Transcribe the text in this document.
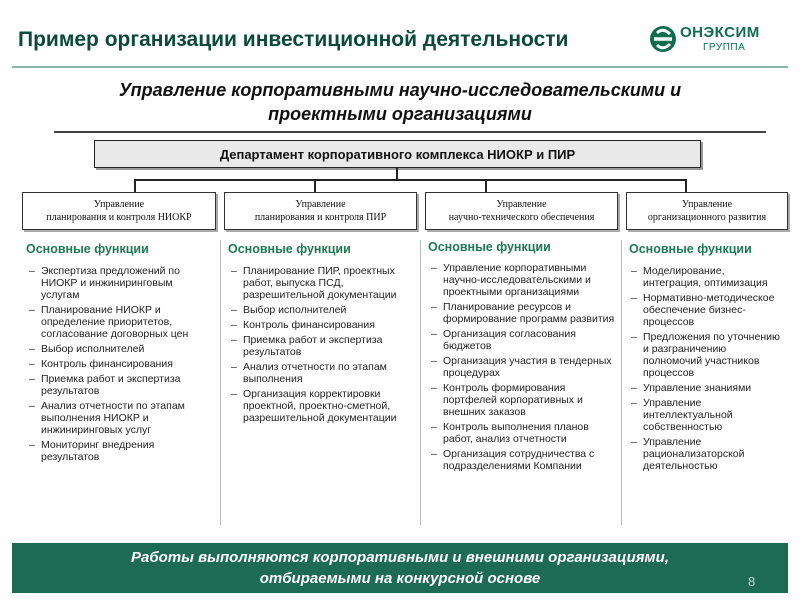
Пример организации инвестиционной деятельности	ОНЭКСИМ
ГРУППА
Управление корпоративными научно-исследовательскими и
проектными организациями
Департамент корпоративного комплекса НИОКР и ПИР
Управление
планирования и контроля НИОКР
Управление
планирования и контроля ПИР
Управление
научно-технического обеспечения
Управление
организационного развития
Основные функции	Основные функции	Основные функции	Основные функции
– Экспертиза предложений по НИОКР и инжиниринговым услугам
– Планирование НИОКР и определение приоритетов, согласование договорных цен
– Выбор исполнителей
– Контроль финансирования
– Приемка работ и экспертиза результатов
– Анализ отчетности по этапам выполнения НИОКР и инжиниринговых услуг
– Мониторинг внедрения результатов
– Планирование ПИР, проектных работ, выпуска ПСД, разрешительной документации
– Выбор исполнителей
– Контроль финансирования
– Приемка работ и экспертиза результатов
– Анализ отчетности по этапам выполнения
– Организация корректировки проектной, проектно-сметной, разрешительной документации
– Управление корпоративными научно-исследовательскими и проектными организациями
– Планирование ресурсов и формирование программ развития
– Организация согласования бюджетов
– Организация участия в тендерных процедурах
– Контроль формирования портфелей корпоративных и внешних заказов
– Контроль выполнения планов работ, анализ отчетности
– Организация сотрудничества с подразделениями Компании
– Моделирование, интеграция, оптимизация
– Нормативно-методическое обеспечение бизнес-процессов
– Предложения по уточнению и разграничению полномочий участников процессов
– Управление знаниями
– Управление интеллектуальной собственностью
– Управление рационализаторской деятельностью
Работы выполняются корпоративными и внешними организациями,
отбираемыми на конкурсной основе	8
